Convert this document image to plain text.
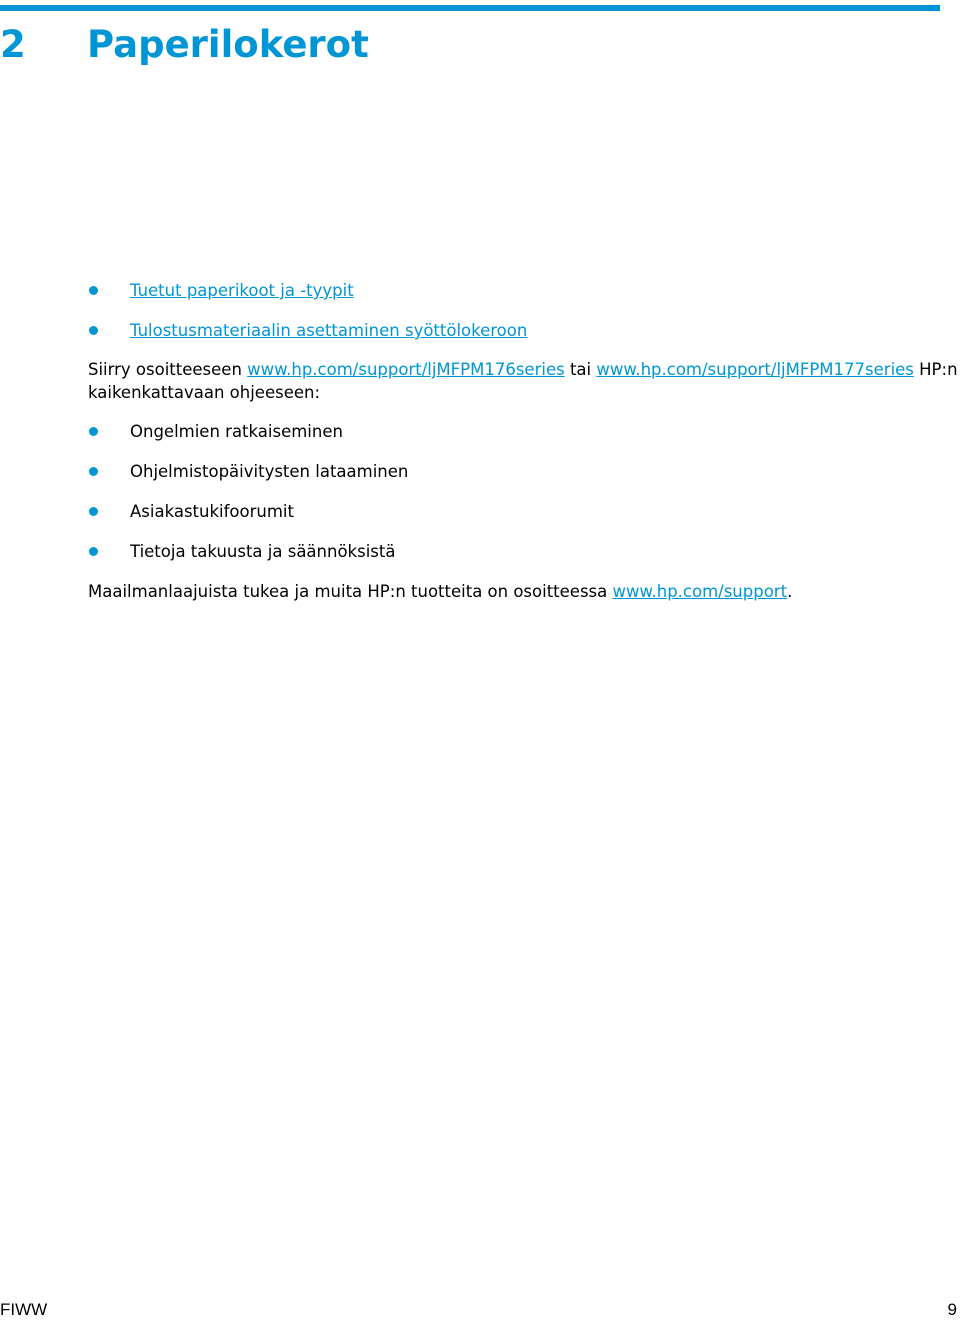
2 Paperilokerot
Tuetut paperikoot ja -tyypit
Tulostusmateriaalin asettaminen syöttölokeroon

Siirry osoitteeseen www.hp.com/support/ljMFPM176series tai www.hp.com/support/ljMFPM177series HP:n

kaikenkattavaan ohjeeseen:

Ongelmien ratkaiseminen
Ohjelmistopäivitysten lataaminen
Asiakastukifoorumit
Tietoja takuusta ja säännöksistä

Maailmanlaajuista tukea ja muita HP:n tuotteita on osoitteessa www.hp.com/support.

FIWW	9
